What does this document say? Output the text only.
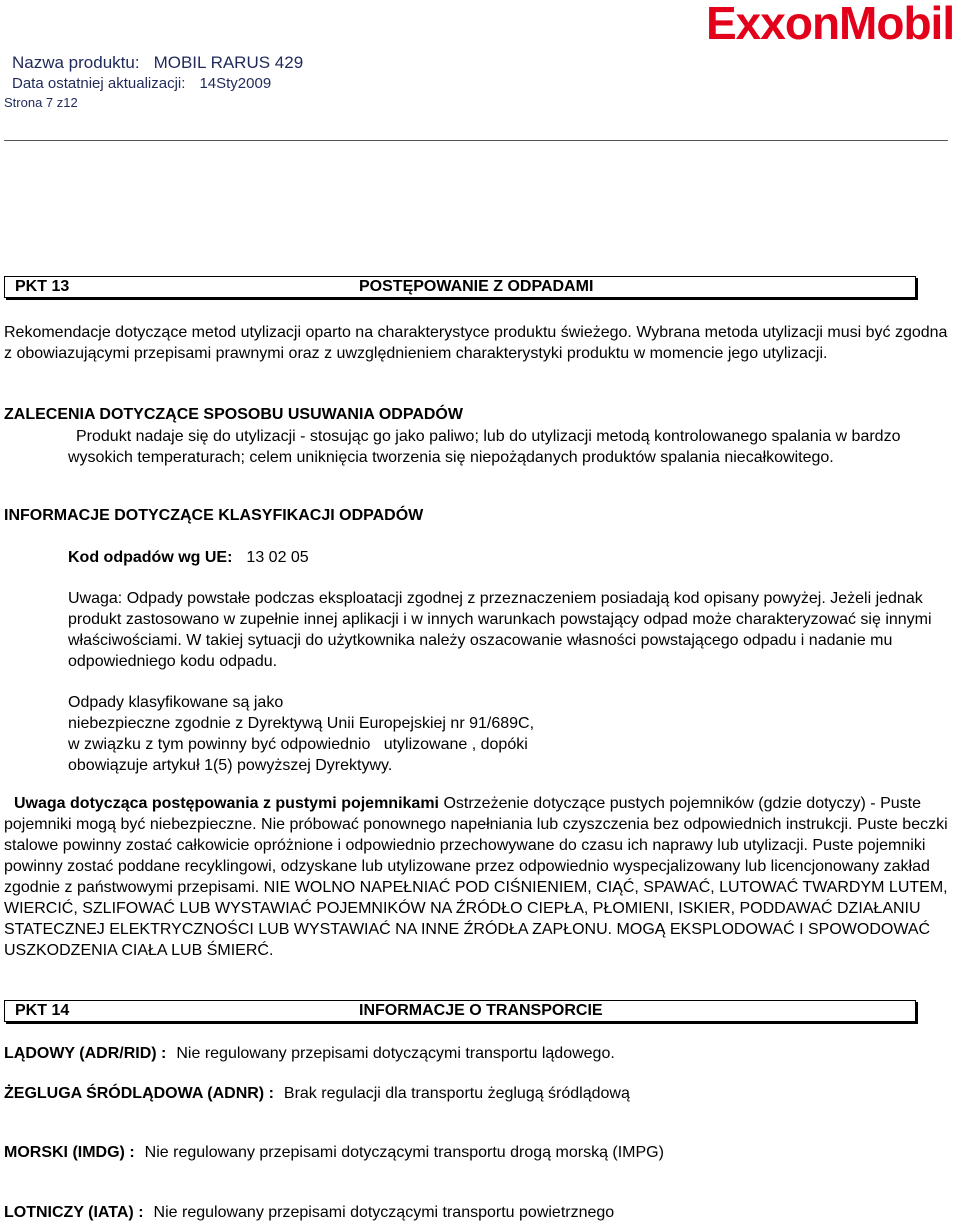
Nazwa produktu: MOBIL RARUS 429
Data ostatniej aktualizacji: 14Sty2009
Strona 7 z12
ExxonMobil
PKT 13	POSTĘPOWANIE Z ODPADAMI

Rekomendacje dotyczące metod utylizacji oparto na charakterystyce produktu świeżego. Wybrana metoda utylizacji musi być zgodna z obowiazującymi przepisami prawnymi oraz z uwzględnieniem charakterystyki produktu w momencie jego utylizacji.

ZALECENIA DOTYCZĄCE SPOSOBU USUWANIA ODPADÓW

Produkt nadaje się do utylizacji - stosując go jako paliwo; lub do utylizacji metodą kontrolowanego spalania w bardzo wysokich temperaturach; celem uniknięcia tworzenia się niepożądanych produktów spalania niecałkowitego.

INFORMACJE DOTYCZĄCE KLASYFIKACJI ODPADÓW
Kod odpadów wg UE: 13 02 05

Uwaga: Odpady powstałe podczas eksploatacji zgodnej z przeznaczeniem posiadają kod opisany powyżej. Jeżeli jednak produkt zastosowano w zupełnie innej aplikacji i w innych warunkach powstający odpad może charakteryzować się innymi właściwościami. W takiej sytuacji do użytkownika należy oszacowanie własności powstającego odpadu i nadanie mu odpowiedniego kodu odpadu.

Odpady klasyfikowane są jako
niebezpieczne zgodnie z Dyrektywą Unii Europejskiej nr 91/689C,
w związku z tym powinny być odpowiednio   utylizowane , dopóki
obowiązuje artykuł 1(5) powyższej Dyrektywy.

Uwaga dotycząca postępowania z pustymi pojemnikami Ostrzeżenie dotyczące pustych pojemników (gdzie dotyczy) - Puste pojemniki mogą być niebezpieczne. Nie próbować ponownego napełniania lub czyszczenia bez odpowiednich instrukcji. Puste beczki stalowe powinny zostać całkowicie opróżnione i odpowiednio przechowywane do czasu ich naprawy lub utylizacji. Puste pojemniki powinny zostać poddane recyklingowi, odzyskane lub utylizowane przez odpowiednio wyspecjalizowany lub licencjonowany zakład zgodnie z państwowymi przepisami. NIE WOLNO NAPEŁNIAĆ POD CIŚNIENIEM, CIĄĆ, SPAWAĆ, LUTOWAĆ TWARDYM LUTEM, WIERCIĆ, SZLIFOWAĆ LUB WYSTAWIAĆ POJEMNIKÓW NA ŹRÓDŁO CIEPŁA, PŁOMIENI, ISKIER, PODDAWAĆ DZIAŁANIU STATECZNEJ ELEKTRYCZNOŚCI LUB WYSTAWIAĆ NA INNE ŹRÓDŁA ZAPŁONU. MOGĄ EKSPLODOWAĆ I SPOWODOWAĆ USZKODZENIA CIAŁA LUB ŚMIERĆ.

PKT 14	INFORMACJE O TRANSPORCIE
LĄDOWY (ADR/RID) : Nie regulowany przepisami dotyczącymi transportu lądowego.
ŻEGLUGA ŚRÓDLĄDOWA (ADNR) : Brak regulacji dla transportu żeglugą śródlądową
MORSKI (IMDG) : Nie regulowany przepisami dotyczącymi transportu drogą morską (IMPG)
LOTNICZY (IATA) : Nie regulowany przepisami dotyczącymi transportu powietrznego
